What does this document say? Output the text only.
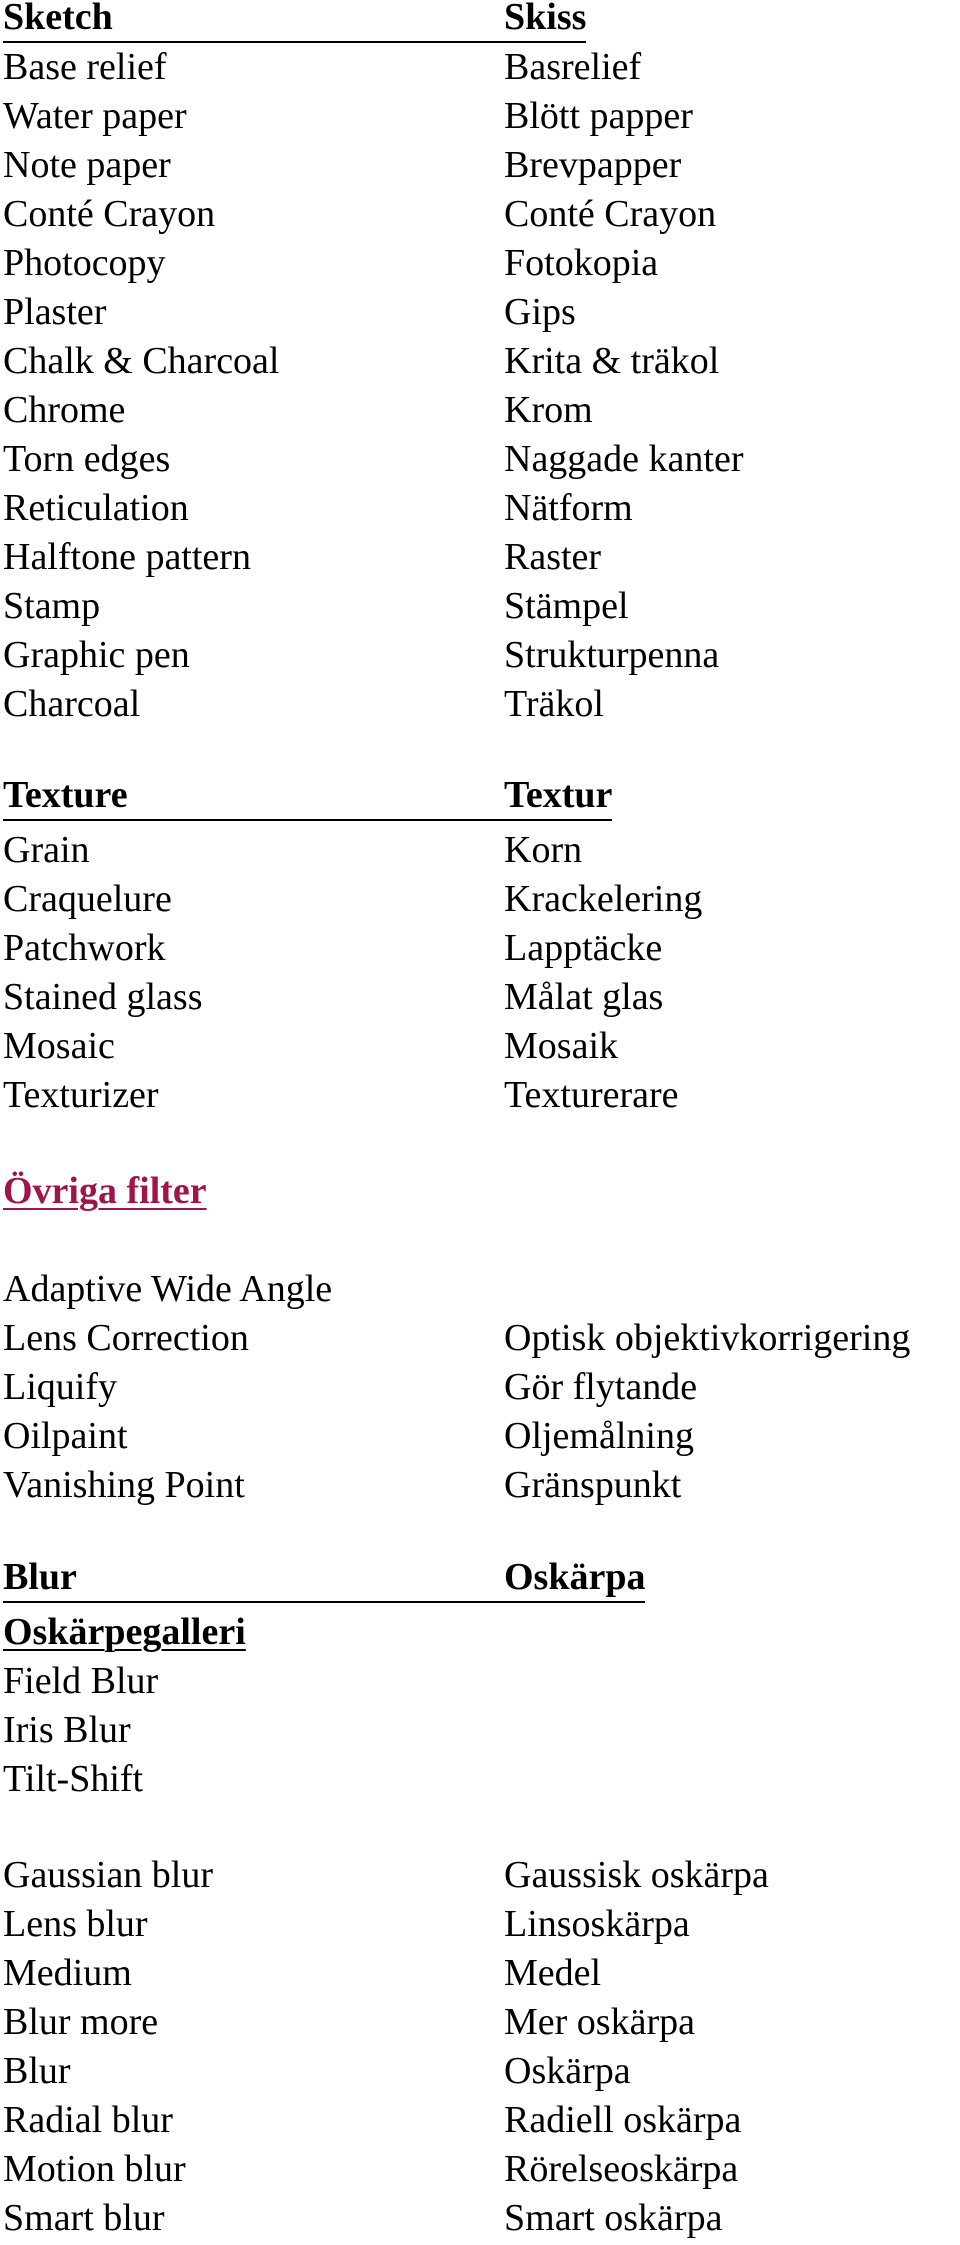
Sketch	Skiss
Base relief	Basrelief
Water paper	Blött papper
Note paper	Brevpapper
Conté Crayon	Conté Crayon
Photocopy	Fotokopia
Plaster	Gips
Chalk & Charcoal	Krita & träkol
Chrome	Krom
Torn edges	Naggade kanter
Reticulation	Nätform
Halftone pattern	Raster
Stamp	Stämpel
Graphic pen	Strukturpenna
Charcoal	Träkol
Texture	Textur
Grain	Korn
Craquelure	Krackelering
Patchwork	Lapptäcke
Stained glass	Målat glas
Mosaic	Mosaik
Texturizer	Texturerare
Övriga filter
Adaptive Wide Angle
Lens Correction	Optisk objektivkorrigering
Liquify	Gör flytande
Oilpaint	Oljemålning
Vanishing Point	Gränspunkt
Blur	Oskärpa
Oskärpegalleri
Field Blur
Iris Blur
Tilt-Shift
Gaussian blur	Gaussisk oskärpa
Lens blur	Linsoskärpa
Medium	Medel
Blur more	Mer oskärpa
Blur	Oskärpa
Radial blur	Radiell oskärpa
Motion blur	Rörelseoskärpa
Smart blur	Smart oskärpa
